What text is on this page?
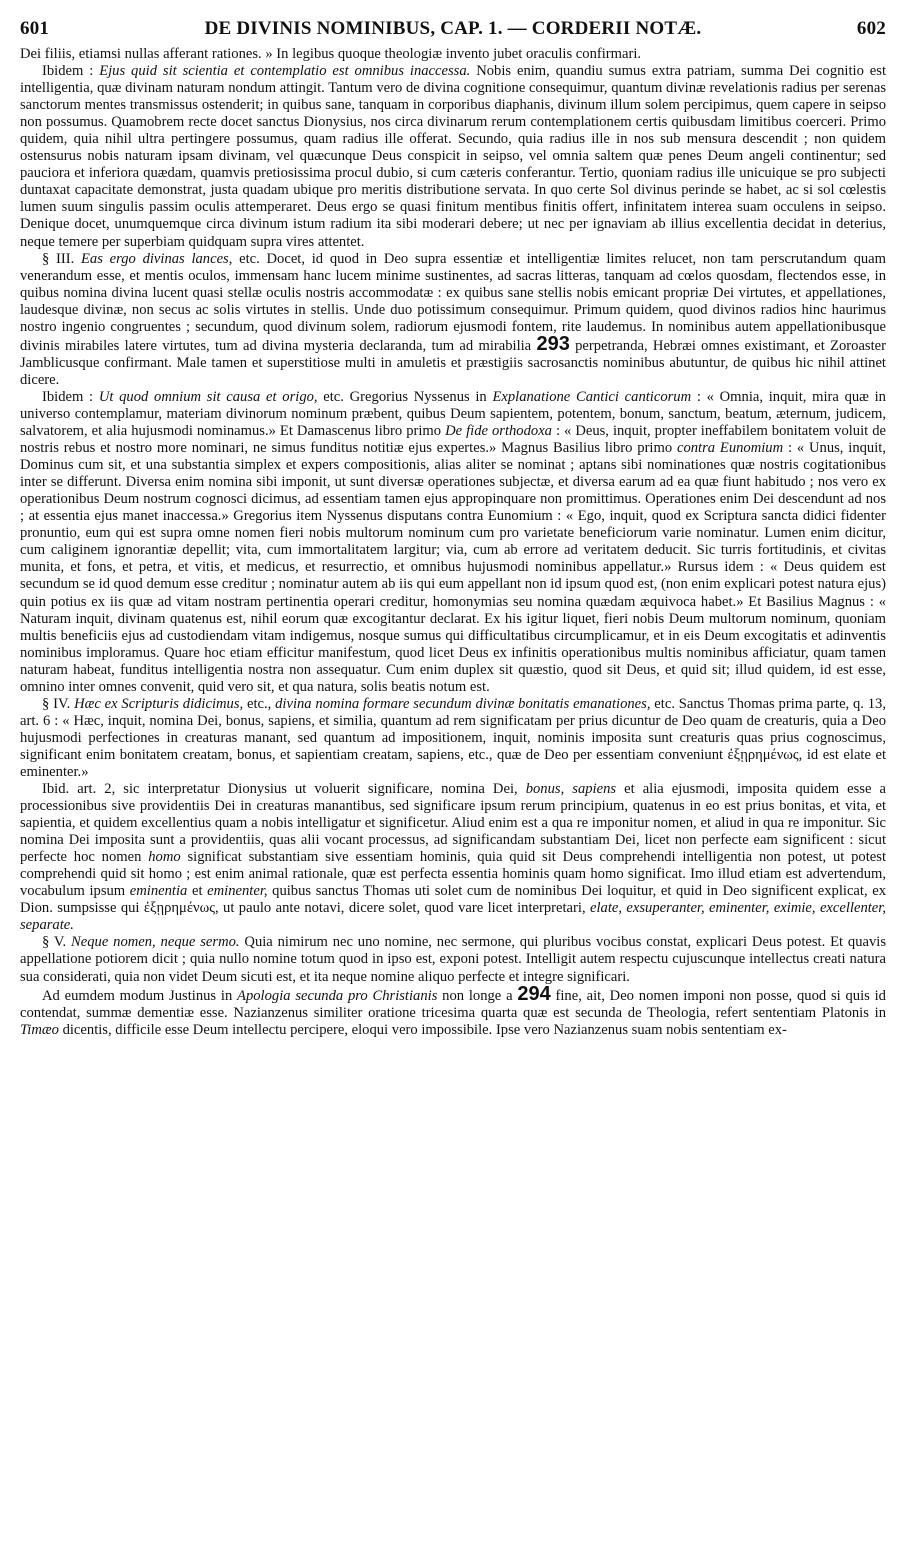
601	DE DIVINIS NOMINIBUS, CAP. 1. — CORDERII NOTÆ.	602

Dei filiis, etiamsi nullas afferant rationes. » In legibus quoque theologiæ invento jubet oraculis confirmari.

Ibidem : Ejus quid sit scientia et contemplatio est omnibus inaccessa. Nobis enim, quandiu sumus extra patriam, summa Dei cognitio est intelligentia, quæ divinam naturam nondum attingit. Tantum vero de divina cognitione consequimur, quantum divinæ revelationis radius per serenas sanctorum mentes transmissus ostenderit; in quibus sane, tanquam in corporibus diaphanis, divinum illum solem percipimus, quem capere in seipso non possumus. Quamobrem recte docet sanctus Dionysius, nos circa divinarum rerum contemplationem certis quibusdam limitibus coerceri. Primo quidem, quia nihil ultra pertingere possumus, quam radius ille offerat. Secundo, quia radius ille in nos sub mensura descendit ; non quidem ostensurus nobis naturam ipsam divinam, vel quæcunque Deus conspicit in seipso, vel omnia saltem quæ penes Deum angeli continentur; sed pauciora et inferiora quædam, quamvis pretiosissima procul dubio, si cum cæteris conferantur. Tertio, quoniam radius ille unicuique se pro subjecti duntaxat capacitate demonstrat, justa quadam ubique pro meritis distributione servata. In quo certe Sol divinus perinde se habet, ac si sol cœlestis lumen suum singulis passim oculis attemperaret. Deus ergo se quasi finitum mentibus finitis offert, infinitatem interea suam occulens in seipso. Denique docet, unumquemque circa divinum istum radium ita sibi moderari debere; ut nec per ignaviam ab illius excellentia decidat in deterius, neque temere per superbiam quidquam supra vires attentet.

§ III. Eas ergo divinas lances, etc. Docet, id quod in Deo supra essentiæ et intelligentiæ limites relucet, non tam perscrutandum quam venerandum esse, et mentis oculos, immensam hanc lucem minime sustinentes, ad sacras litteras, tanquam ad cœlos quosdam, flectendos esse, in quibus nomina divina lucent quasi stellæ oculis nostris accommodatæ : ex quibus sane stellis nobis emicant propriæ Dei virtutes, et appellationes, laudesque divinæ, non secus ac solis virtutes in stellis. Unde duo potissimum consequimur. Primum quidem, quod divinos radios hinc haurimus nostro ingenio congruentes ; secundum, quod divinum solem, radiorum ejusmodi fontem, rite laudemus. In nominibus autem appellationibusque divinis mirabiles latere virtutes, tum ad divina mysteria declaranda, tum ad mirabilia 293 perpetranda, Hebræi omnes existimant, et Zoroaster Jamblicusque confirmant. Male tamen et superstitiose multi in amuletis et præstigiis sacrosanctis nominibus abutuntur, de quibus hic nihil attinet dicere.

Ibidem : Ut quod omnium sit causa et origo, etc. Gregorius Nyssenus in Explanatione Cantici canticorum : « Omnia, inquit, mira quæ in universo contemplamur, materiam divinorum nominum præbent, quibus Deum sapientem, potentem, bonum, sanctum, beatum, æternum, judicem, salvatorem, et alia hujusmodi nominamus.» Et Damascenus libro primo De fide orthodoxa : « Deus, inquit, propter ineffabilem bonitatem voluit de nostris rebus et nostro more nominari, ne simus funditus notitiæ ejus expertes.» Magnus Basilius libro primo contra Eunomium : « Unus, inquit, Dominus cum sit, et una substantia simplex et expers compositionis, alias aliter se nominat ; aptans sibi nominationes quæ nostris cogitationibus inter se differunt. Diversa enim nomina sibi imponit, ut sunt diversæ operationes subjectæ, et diversa earum ad ea quæ fiunt habitudo ; nos vero ex operationibus Deum nostrum cognosci dicimus, ad essentiam tamen ejus appropinquare non promittimus. Operationes enim Dei descendunt ad nos ; at essentia ejus manet inaccessa.» Gregorius item Nyssenus disputans contra Eunomium : « Ego, inquit, quod ex Scriptura sancta didici fidenter pronuntio, eum qui est supra omne nomen fieri nobis multorum nominum cum pro varietate beneficiorum varie nominatur. Lumen enim dicitur, cum caliginem ignorantiæ depellit; vita, cum immortalitatem largitur; via, cum ab errore ad veritatem deducit. Sic turris fortitudinis, et civitas munita, et fons, et petra, et vitis, et medicus, et resurrectio, et omnibus hujusmodi nominibus appellatur.» Rursus idem : « Deus quidem est secundum se id quod demum esse creditur ; nominatur autem ab iis qui eum appellant non id ipsum quod est, (non enim explicari potest natura ejus) quin potius ex iis quæ ad vitam nostram pertinentia operari creditur, homonymias seu nomina quædam æquivoca habet.» Et Basilius Magnus : « Naturam inquit, divinam quatenus est, nihil eorum quæ excogitantur declarat. Ex his igitur liquet, fieri nobis Deum multorum nominum, quoniam multis beneficiis ejus ad custodiendam vitam indigemus, nosque sumus qui difficultatibus circumplicamur, et in eis Deum excogitatis et adinventis nominibus imploramus. Quare hoc etiam efficitur manifestum, quod licet Deus ex infinitis operationibus multis nominibus afficiatur, quam tamen naturam habeat, funditus intelligentia nostra non assequatur. Cum enim duplex sit quæstio, quod sit Deus, et quid sit; illud quidem, id est esse, omnino inter omnes convenit, quid vero sit, et qua natura, solis beatis notum est.

§ IV. Hæc ex Scripturis didicimus, etc., divina nomina formare secundum divinæ bonitatis emanationes, etc. Sanctus Thomas prima parte, q. 13, art. 6 : « Hæc, inquit, nomina Dei, bonus, sapiens, et similia, quantum ad rem significatam per prius dicuntur de Deo quam de creaturis, quia a Deo hujusmodi perfectiones in creaturas manant, sed quantum ad impositionem, inquit, nominis imposita sunt creaturis quas prius cognoscimus, significant enim bonitatem creatam, bonus, et sapientiam creatam, sapiens, etc., quæ de Deo per essentiam conveniunt ἐξῃρημένως, id est elate et eminenter.»

Ibid. art. 2, sic interpretatur Dionysius ut voluerit significare, nomina Dei, bonus, sapiens et alia ejusmodi, imposita quidem esse a processionibus sive providentiis Dei in creaturas manantibus, sed significare ipsum rerum principium, quatenus in eo est prius bonitas, et vita, et sapientia, et quidem excellentius quam a nobis intelligatur et significetur. Aliud enim est a qua re imponitur nomen, et aliud in qua re imponitur. Sic nomina Dei imposita sunt a providentiis, quas alii vocant processus, ad significandam substantiam Dei, licet non perfecte eam significent : sicut perfecte hoc nomen homo significat substantiam sive essentiam hominis, quia quid sit Deus comprehendi intelligentia non potest, ut potest comprehendi quid sit homo ; est enim animal rationale, quæ est perfecta essentia hominis quam homo significat. Imo illud etiam est advertendum, vocabulum ipsum eminentia et eminenter, quibus sanctus Thomas uti solet cum de nominibus Dei loquitur, et quid in Deo significent explicat, ex Dion. sumpsisse qui ἐξῃρημένως, ut paulo ante notavi, dicere solet, quod vare licet interpretari, elate, exsuperanter, eminenter, eximie, excellenter, separate.

§ V. Neque nomen, neque sermo. Quia nimirum nec uno nomine, nec sermone, qui pluribus vocibus constat, explicari Deus potest. Et quavis appellatione potiorem dicit ; quia nullo nomine totum quod in ipso est, exponi potest. Intelligit autem respectu cujuscunque intellectus creati natura sua considerati, quia non videt Deum sicuti est, et ita neque nomine aliquo perfecte et integre significari.

Ad eumdem modum Justinus in Apologia secunda pro Christianis non longe a 294 fine, ait, Deo nomen imponi non posse, quod si quis id contendat, summæ dementiæ esse. Nazianzenus similiter oratione tricesima quarta quæ est secunda de Theologia, refert sententiam Platonis in Timæo dicentis, difficile esse Deum intellectu percipere, eloqui vero impossibile. Ipse vero Nazianzenus suam nobis sententiam ex-
